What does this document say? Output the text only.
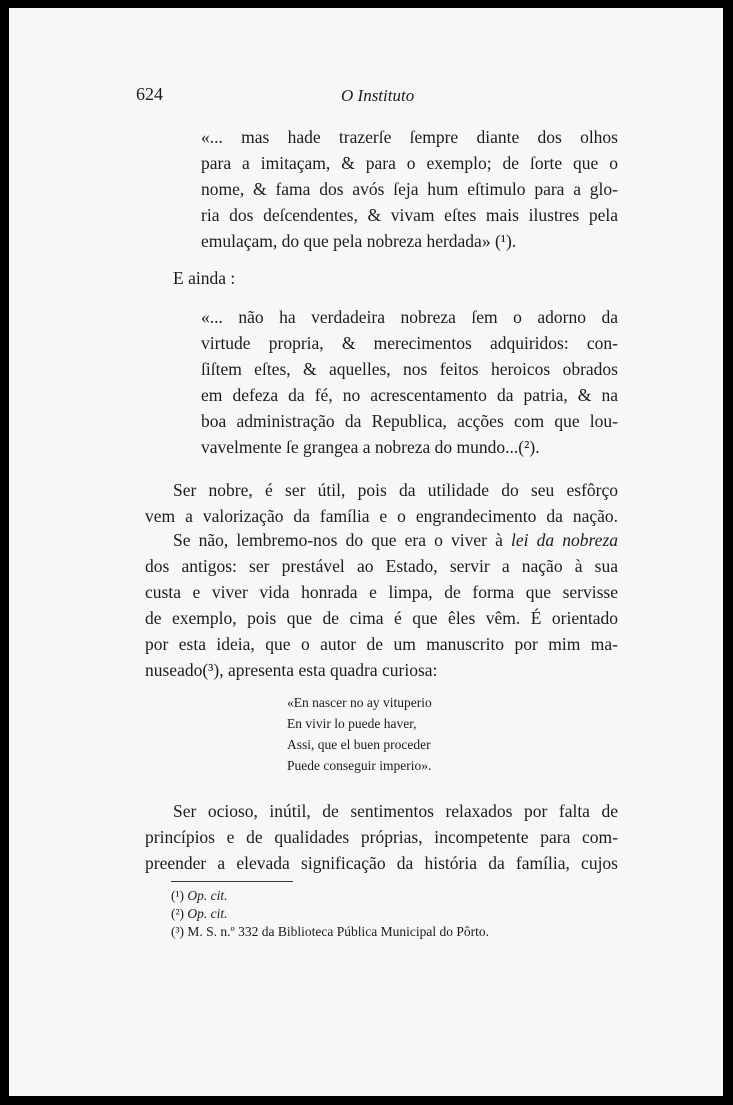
624	O Instituto
«... mas hade trazerſe ſempre diante dos olhos
para a imitaçam, & para o exemplo; de ſorte que o
nome, & fama dos avós ſeja hum eſtimulo para a glo-
ria dos deſcendentes, & vivam eſtes mais ilustres pela
emulaçam, do que pela nobreza herdada» (¹).
E ainda :
«... não ha verdadeira nobreza ſem o adorno da
virtude propria, & merecimentos adquiridos: con-
ſiſtem eſtes, & aquelles, nos feitos heroicos obrados
em defeza da fé, no acrescentamento da patria, & na
boa administração da Republica, acções com que lou-
vavelmente ſe grangea a nobreza do mundo...(²).
Ser nobre, é ser útil, pois da utilidade do seu esfôrço
vem a valorização da família e o engrandecimento da nação.
Se não, lembremo-nos do que era o viver à lei da nobreza
dos antigos: ser prestável ao Estado, servir a nação à sua
custa e viver vida honrada e limpa, de forma que servisse
de exemplo, pois que de cima é que êles vêm. É orientado
por esta ideia, que o autor de um manuscrito por mim ma-
nuseado(³), apresenta esta quadra curiosa:
«En nascer no ay vituperio
En vivir lo puede haver,
Assi, que el buen proceder
Puede conseguir imperio».
Ser ocioso, inútil, de sentimentos relaxados por falta de
princípios e de qualidades próprias, incompetente para com-
preender a elevada significação da história da família, cujos
(¹) Op. cit.
(²) Op. cit.
(³) M. S. n.º 332 da Biblioteca Pública Municipal do Pôrto.
